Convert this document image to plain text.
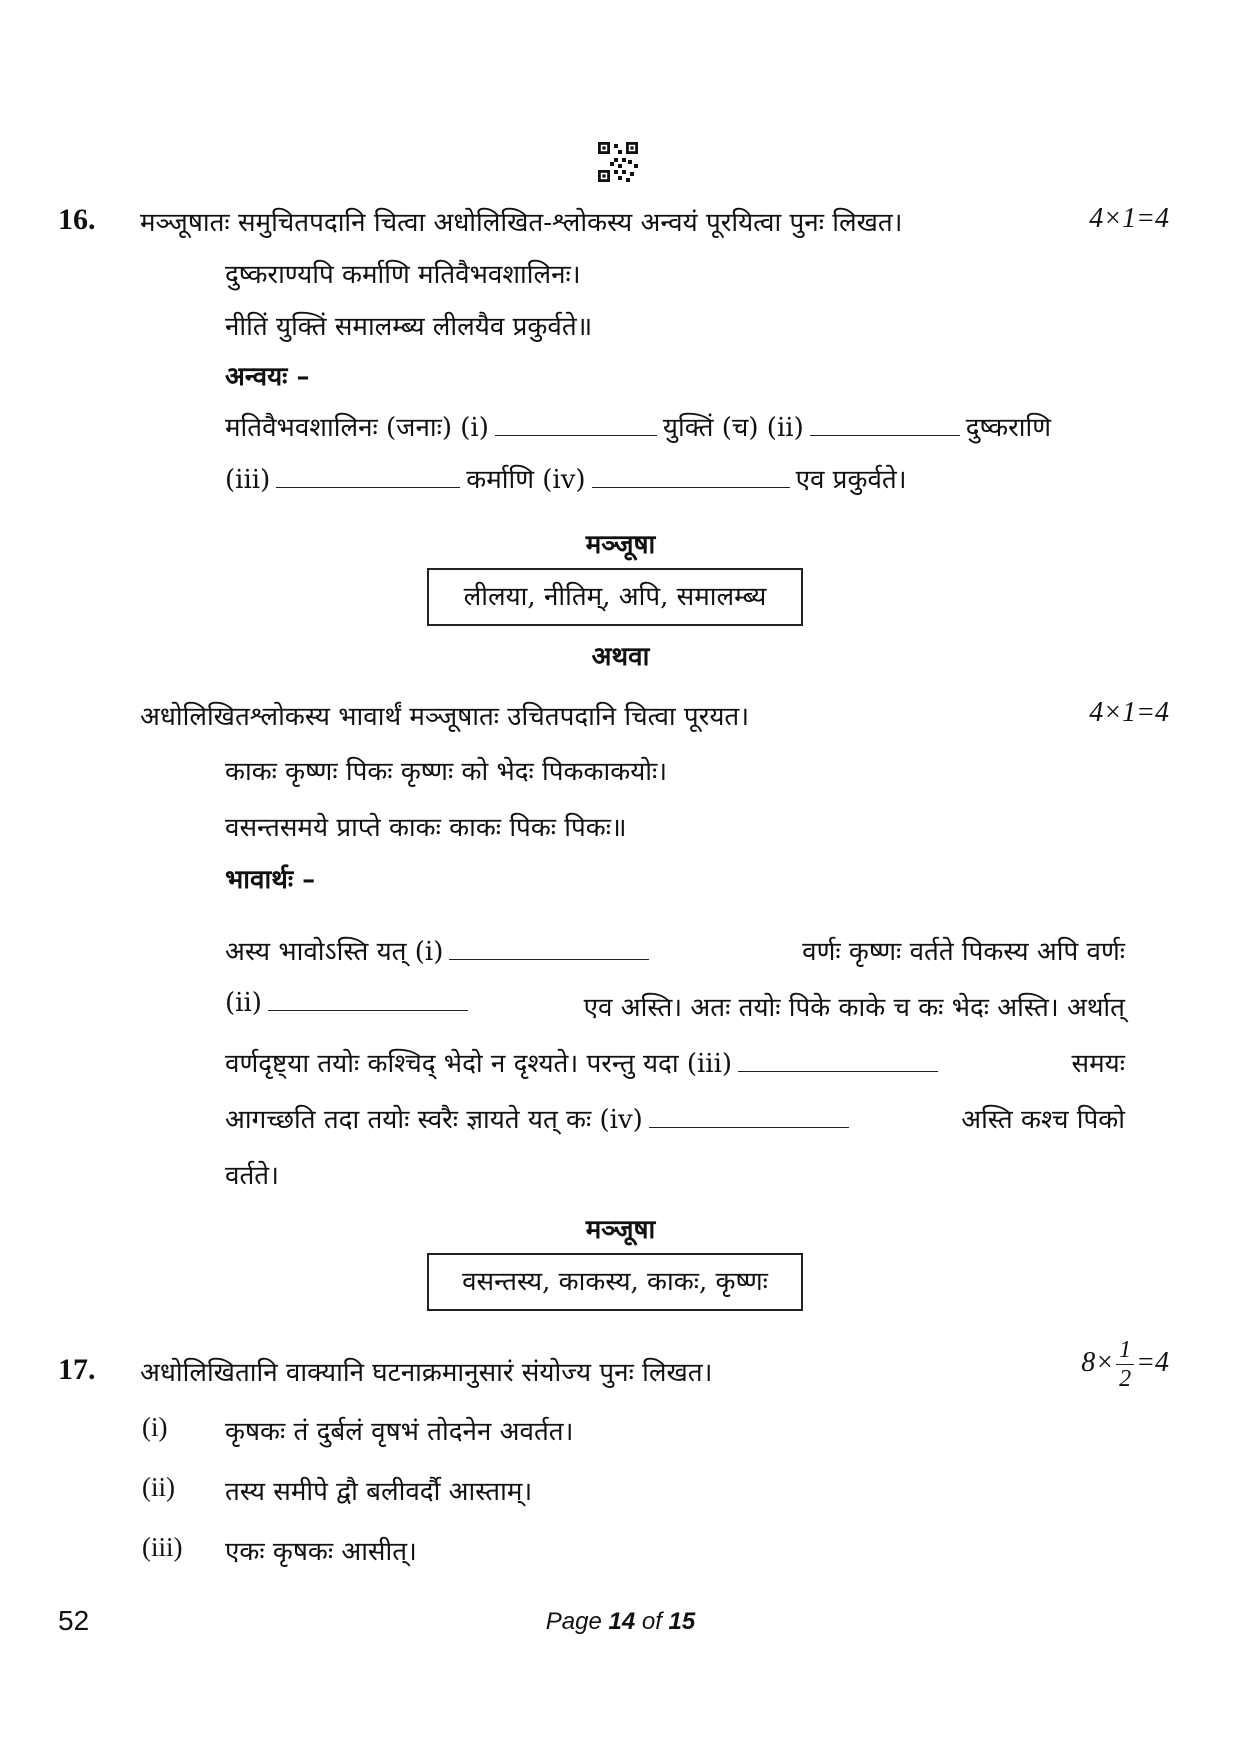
16. मञ्जूषातः समुचितपदानि चित्वा अधोलिखित-श्लोकस्य अन्वयं पूरयित्वा पुनः लिखत।	4×1=4
दुष्कराण्यपि कर्माणि मतिवैभवशालिनः।
नीतिं युक्तिं समालम्ब्य लीलयैव प्रकुर्वते॥
अन्वयः –
मतिवैभवशालिनः (जनाः) (i)	युक्तिं (च) (ii)	दुष्कराणि
(iii)	कर्माणि (iv)	एव प्रकुर्वते।
मञ्जूषा
लीलया, नीतिम्, अपि, समालम्ब्य
अथवा
अधोलिखितश्लोकस्य भावार्थं मञ्जूषातः उचितपदानि चित्वा पूरयत।	4×1=4
काकः कृष्णः पिकः कृष्णः को भेदः पिककाकयोः।
वसन्तसमये प्राप्ते काकः काकः पिकः पिकः॥
भावार्थः –
अस्य भावोऽस्ति यत् (i)	वर्णः कृष्णः वर्तते पिकस्य अपि वर्णः
(ii)	एव अस्ति। अतः तयोः पिके काके च कः भेदः अस्ति। अर्थात्
वर्णदृष्ट्या तयोः कश्चिद् भेदो न दृश्यते। परन्तु यदा (iii)	समयः
आगच्छति तदा तयोः स्वरैः ज्ञायते यत् कः (iv)	अस्ति कश्च पिको
वर्तते।
मञ्जूषा
वसन्तस्य, काकस्य, काकः, कृष्णः
17. अधोलिखितानि वाक्यानि घटनाक्रमानुसारं संयोज्य पुनः लिखत।	$8\times \frac{1}{2} =4$
(i) कृषकः तं दुर्बलं वृषभं तोदनेन अवर्तत।
(ii) तस्य समीपे द्वौ बलीवर्दौ आस्ताम्।
(iii) एकः कृषकः आसीत्।
52	Page 14 of 15
